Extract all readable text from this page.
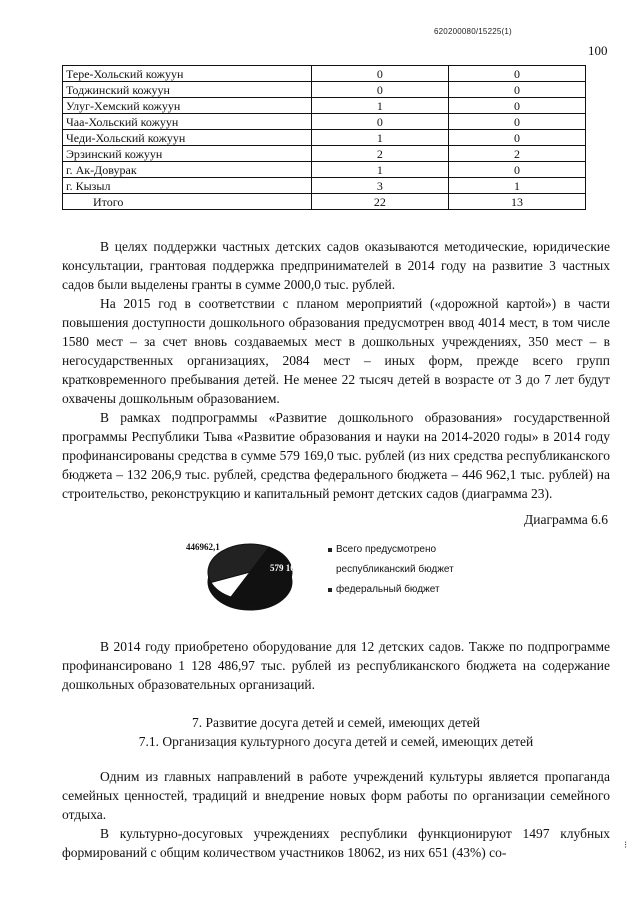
620200080/15225(1)
100
Тере-Хольский кожуун	0	0
Тоджинский кожуун	0	0
Улуг-Хемский кожуун	1	0
Чаа-Хольский кожуун	0	0
Чеди-Хольский кожуун	1	0
Эрзинский кожуун	2	2
г. Ак-Довурак	1	0
г. Кызыл	3	1
Итого	22	13

В целях поддержки частных детских садов оказываются методические, юридические консультации, грантовая поддержка предпринимателей в 2014 году на развитие 3 частных садов были выделены гранты в сумме 2000,0 тыс. рублей.

На 2015 год в соответствии с планом мероприятий («дорожной картой») в части повышения доступности дошкольного образования предусмотрен ввод 4014 мест, в том числе 1580 мест – за счет вновь создаваемых мест в дошкольных учреждениях, 350 мест – в негосударственных организациях, 2084 мест – иных форм, прежде всего групп кратковременного пребывания детей. Не менее 22 тысяч детей в возрасте от 3 до 7 лет будут охвачены дошкольным образованием.

В рамках подпрограммы «Развитие дошкольного образования» государственной программы Республики Тыва «Развитие образования и науки на 2014-2020 годы» в 2014 году профинансированы средства в сумме 579 169,0 тыс. рублей (из них средства республиканского бюджета – 132 206,9 тыс. рублей, средства федерального бюджета – 446 962,1 тыс. рублей) на строительство, реконструкцию и капитальный ремонт детских садов (диаграмма 23).

Диаграмма 6.6
446962,1
579 169,00
132206,9
Всего предусмотрено
республиканский бюджет
федеральный бюджет

В 2014 году приобретено оборудование для 12 детских садов. Также по подпрограмме профинансировано 1 128 486,97 тыс. рублей из республиканского бюджета на содержание дошкольных образовательных организаций.

7. Развитие досуга детей и семей, имеющих детей
7.1. Организация культурного досуга детей и семей, имеющих детей

Одним из главных направлений в работе учреждений культуры является пропаганда семейных ценностей, традиций и внедрение новых форм работы по организации семейного отдыха.

В культурно-досуговых учреждениях республики функционируют 1497 клубных формирований с общим количеством участников 18062, из них 651 (43%) со-	⁝
